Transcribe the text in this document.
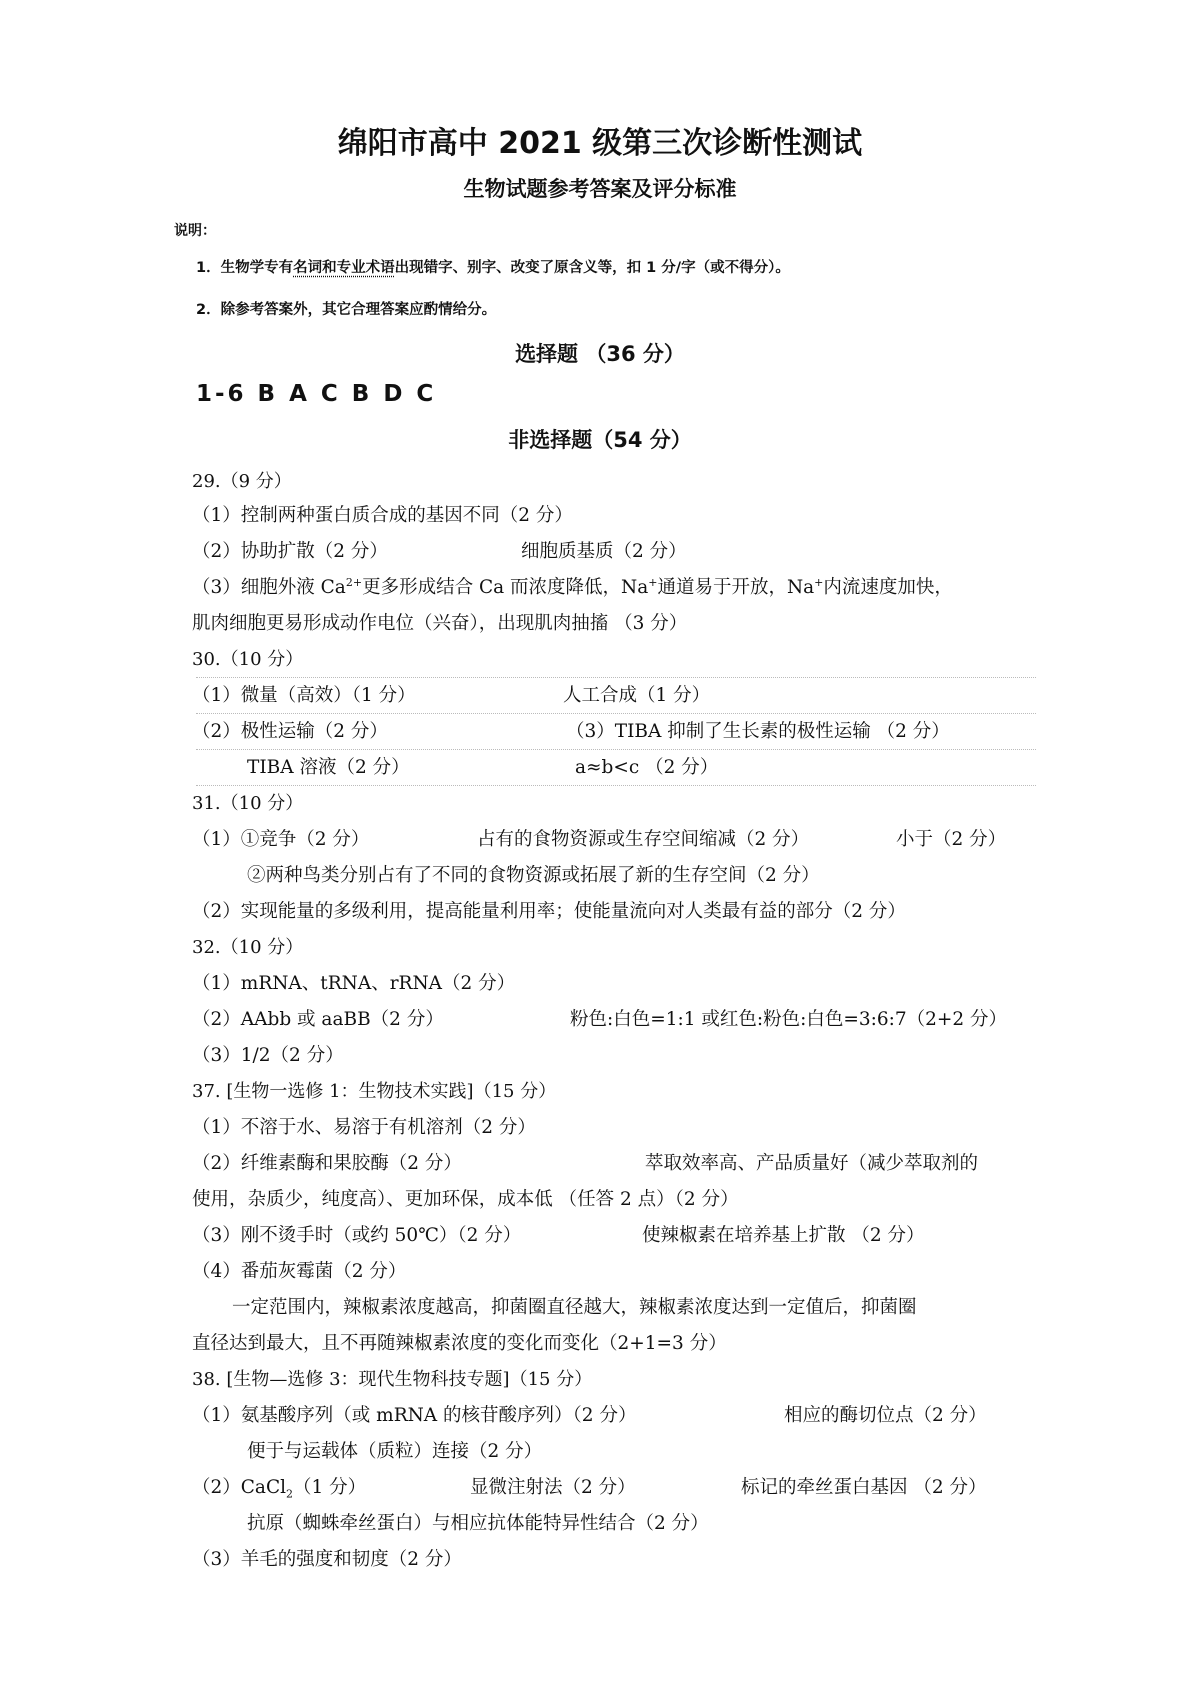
绵阳市高中 2021 级第三次诊断性测试
生物试题参考答案及评分标准
说明：
1．生物学专有名词和专业术语出现错字、别字、改变了原含义等，扣 1 分/字（或不得分）。
2．除参考答案外，其它合理答案应酌情给分。
选择题 （36 分）
1-6 B A C B D C
非选择题（54 分）
29.（9 分）
（1）控制两种蛋白质合成的基因不同（2 分）
（2）协助扩散（2 分）	细胞质基质（2 分）
（3）细胞外液 $Ca^{2+}$更多形成结合 Ca 而浓度降低，Na+通道易于开放，Na+内流速度加快，
肌肉细胞更易形成动作电位（兴奋），出现肌肉抽搐 （3 分）
30.（10 分）
（1）微量（高效）（1 分）	人工合成（1 分）
（2）极性运输（2 分）	（3）TIBA 抑制了生长素的极性运输 （2 分）
TIBA 溶液（2 分）	a≈b<c （2 分）
31.（10 分）
（1）①竞争（2 分）	占有的食物资源或生存空间缩减（2 分）	小于（2 分）
②两种鸟类分别占有了不同的食物资源或拓展了新的生存空间（2 分）
（2）实现能量的多级利用，提高能量利用率；使能量流向对人类最有益的部分（2 分）
32.（10 分）
（1）mRNA、tRNA、rRNA（2 分）
（2）AAbb 或 aaBB（2 分）	粉色:白色=1:1 或红色:粉色:白色=3:6:7（2+2 分）
（3）1/2（2 分）
37. [生物一选修 1：生物技术实践]（15 分）
（1）不溶于水、易溶于有机溶剂（2 分）
（2）纤维素酶和果胶酶（2 分）	萃取效率高、产品质量好（减少萃取剂的
使用，杂质少，纯度高）、更加环保，成本低 （任答 2 点）（2 分）
（3）刚不烫手时（或约 50℃）（2 分）	使辣椒素在培养基上扩散 （2 分）
（4）番茄灰霉菌（2 分）
一定范围内，辣椒素浓度越高，抑菌圈直径越大，辣椒素浓度达到一定值后，抑菌圈
直径达到最大，且不再随辣椒素浓度的变化而变化（2+1=3 分）
38. [生物—选修 3：现代生物科技专题]（15 分）
（1）氨基酸序列（或 mRNA 的核苷酸序列）（2 分）	相应的酶切位点（2 分）
便于与运载体（质粒）连接（2 分）
（2）CaCl$_2$（1 分）	显微注射法（2 分）	标记的牵丝蛋白基因 （2 分）
抗原（蜘蛛牵丝蛋白）与相应抗体能特异性结合（2 分）
（3）羊毛的强度和韧度（2 分）
